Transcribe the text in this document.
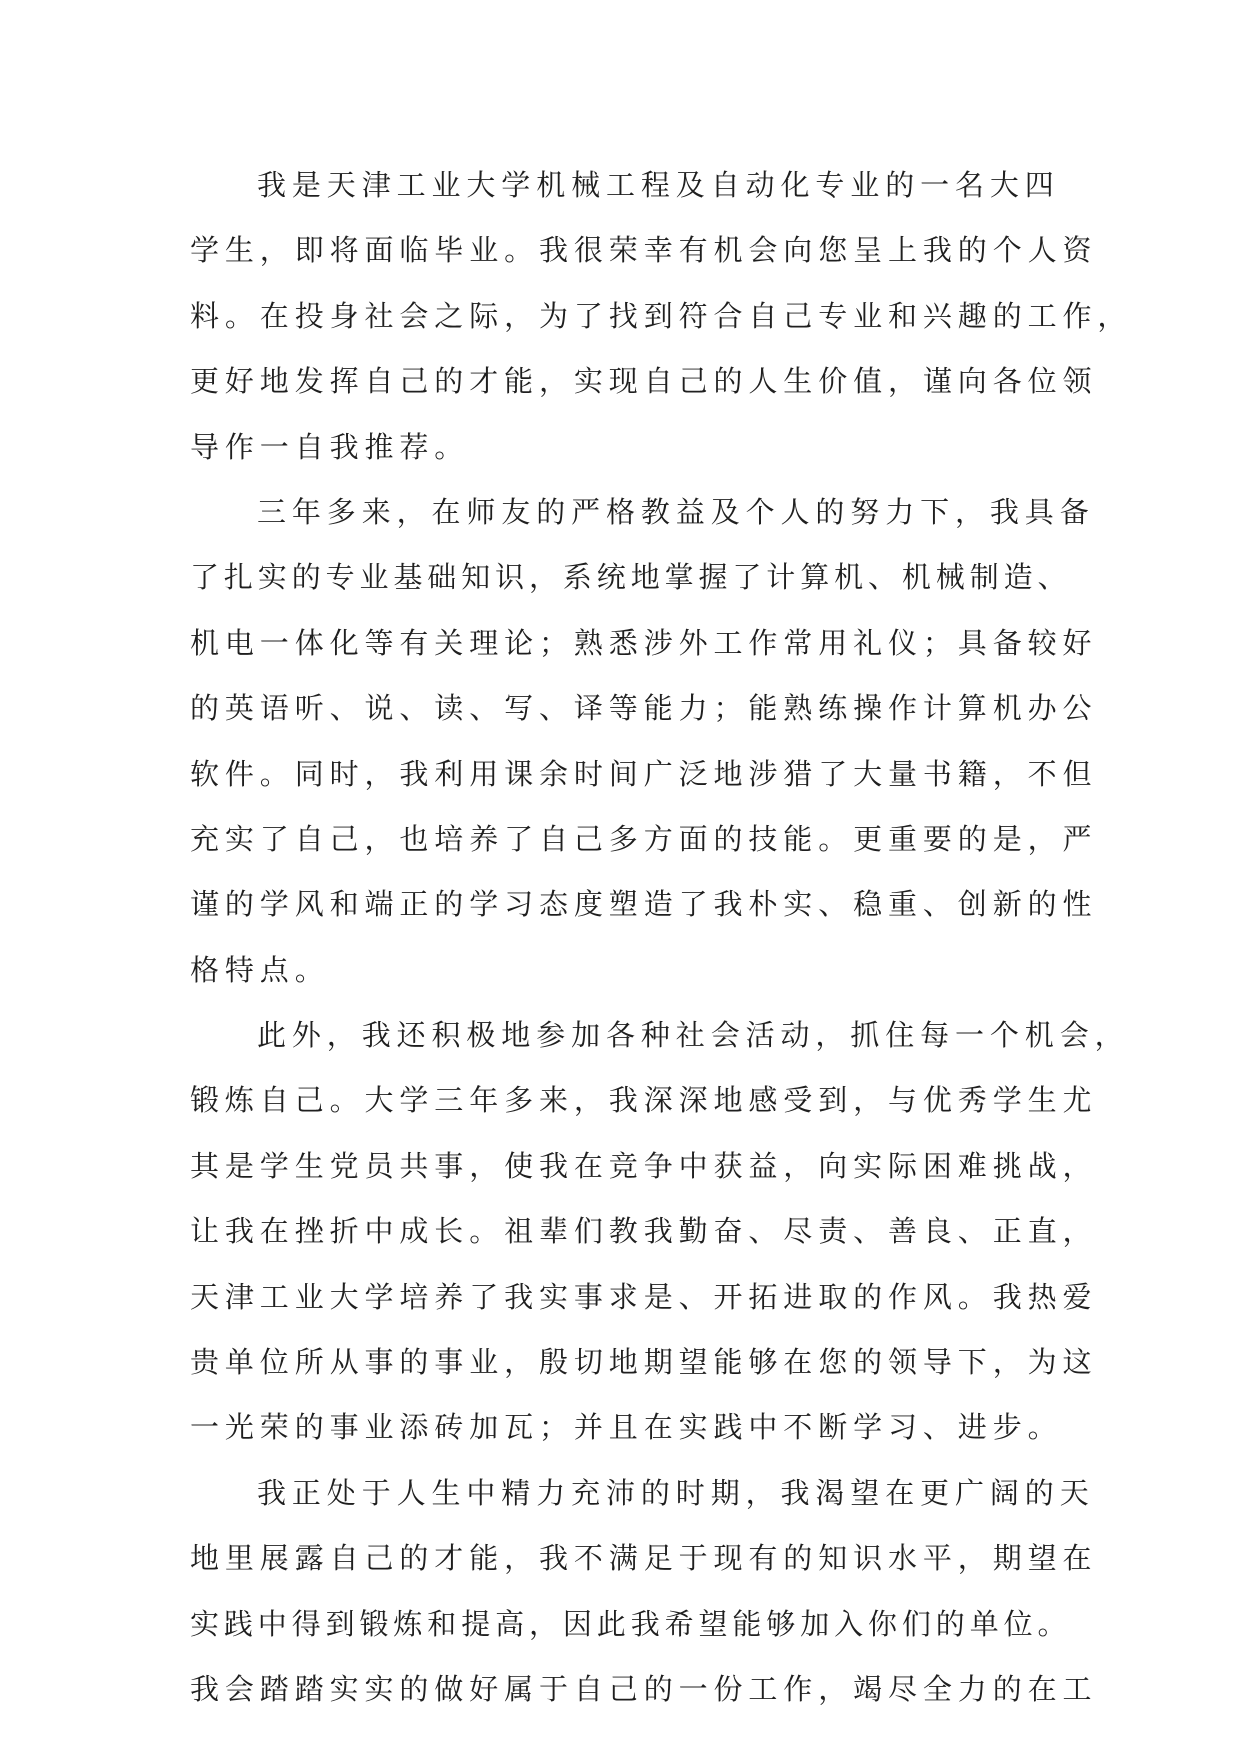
我是天津工业大学机械工程及自动化专业的一名大四
学生，即将面临毕业。我很荣幸有机会向您呈上我的个人资
料。在投身社会之际，为了找到符合自己专业和兴趣的工作，
更好地发挥自己的才能，实现自己的人生价值，谨向各位领
导作一自我推荐。
三年多来，在师友的严格教益及个人的努力下，我具备
了扎实的专业基础知识，系统地掌握了计算机、机械制造、
机电一体化等有关理论；熟悉涉外工作常用礼仪；具备较好
的英语听、说、读、写、译等能力；能熟练操作计算机办公
软件。同时，我利用课余时间广泛地涉猎了大量书籍，不但
充实了自己，也培养了自己多方面的技能。更重要的是，严
谨的学风和端正的学习态度塑造了我朴实、稳重、创新的性
格特点。
此外，我还积极地参加各种社会活动，抓住每一个机会，
锻炼自己。大学三年多来，我深深地感受到，与优秀学生尤
其是学生党员共事，使我在竞争中获益，向实际困难挑战，
让我在挫折中成长。祖辈们教我勤奋、尽责、善良、正直，
天津工业大学培养了我实事求是、开拓进取的作风。我热爱
贵单位所从事的事业，殷切地期望能够在您的领导下，为这
一光荣的事业添砖加瓦；并且在实践中不断学习、进步。
我正处于人生中精力充沛的时期，我渴望在更广阔的天
地里展露自己的才能，我不满足于现有的知识水平，期望在
实践中得到锻炼和提高，因此我希望能够加入你们的单位。
我会踏踏实实的做好属于自己的一份工作，竭尽全力的在工
